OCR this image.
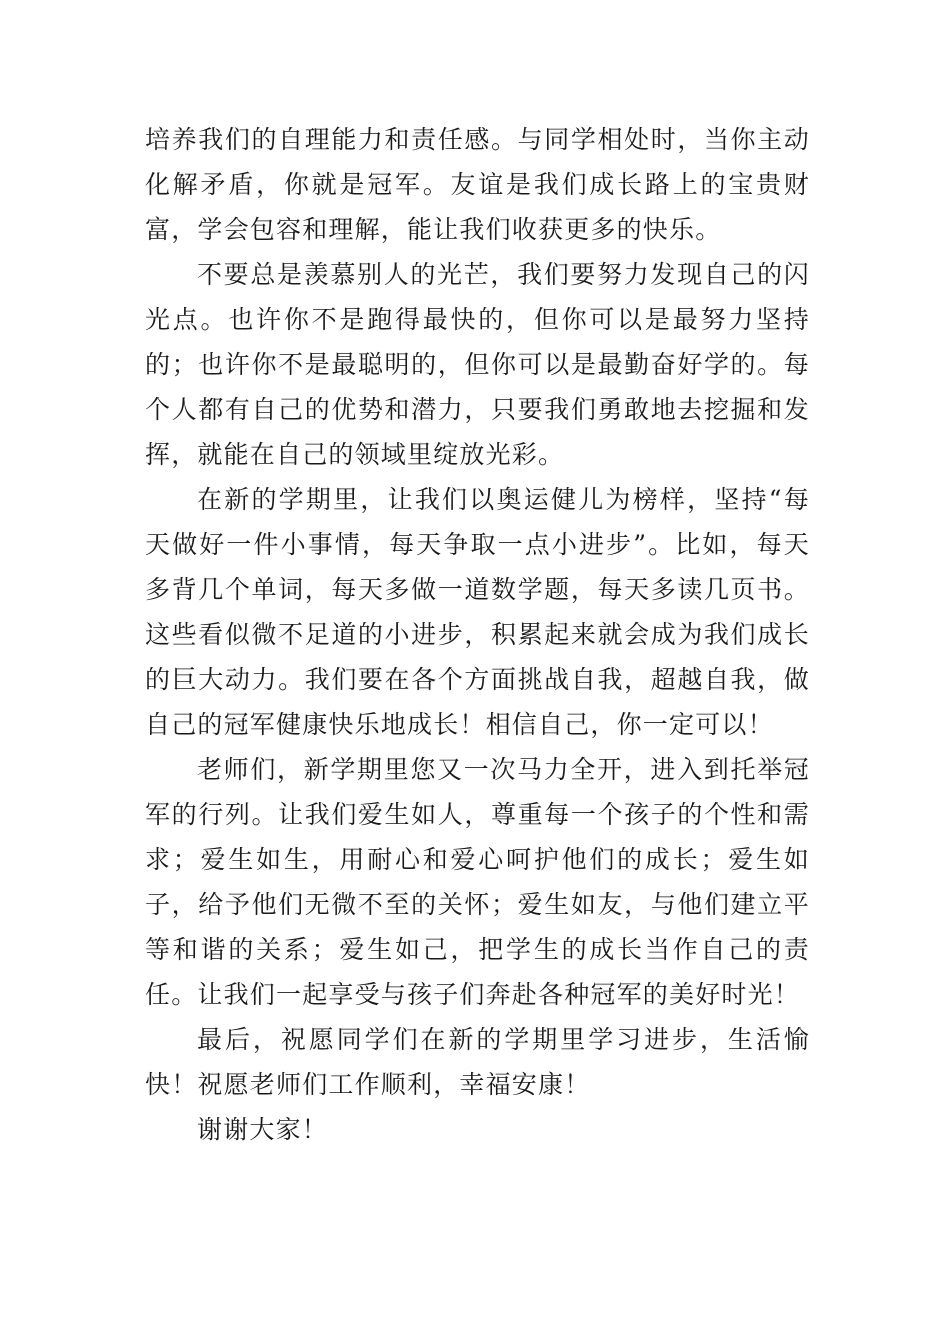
培养我们的自理能力和责任感。与同学相处时，当你主动化解矛盾，你就是冠军。友谊是我们成长路上的宝贵财富，学会包容和理解，能让我们收获更多的快乐。

不要总是羡慕别人的光芒，我们要努力发现自己的闪光点。也许你不是跑得最快的，但你可以是最努力坚持的；也许你不是最聪明的，但你可以是最勤奋好学的。每个人都有自己的优势和潜力，只要我们勇敢地去挖掘和发挥，就能在自己的领域里绽放光彩。

在新的学期里，让我们以奥运健儿为榜样，坚持“每天做好一件小事情，每天争取一点小进步”。比如，每天多背几个单词，每天多做一道数学题，每天多读几页书。这些看似微不足道的小进步，积累起来就会成为我们成长的巨大动力。我们要在各个方面挑战自我，超越自我，做自己的冠军健康快乐地成长！相信自己，你一定可以！

老师们，新学期里您又一次马力全开，进入到托举冠军的行列。让我们爱生如人，尊重每一个孩子的个性和需求；爱生如生，用耐心和爱心呵护他们的成长；爱生如子，给予他们无微不至的关怀；爱生如友，与他们建立平等和谐的关系；爱生如己，把学生的成长当作自己的责任。让我们一起享受与孩子们奔赴各种冠军的美好时光！

最后，祝愿同学们在新的学期里学习进步，生活愉快！祝愿老师们工作顺利，幸福安康！

谢谢大家！
